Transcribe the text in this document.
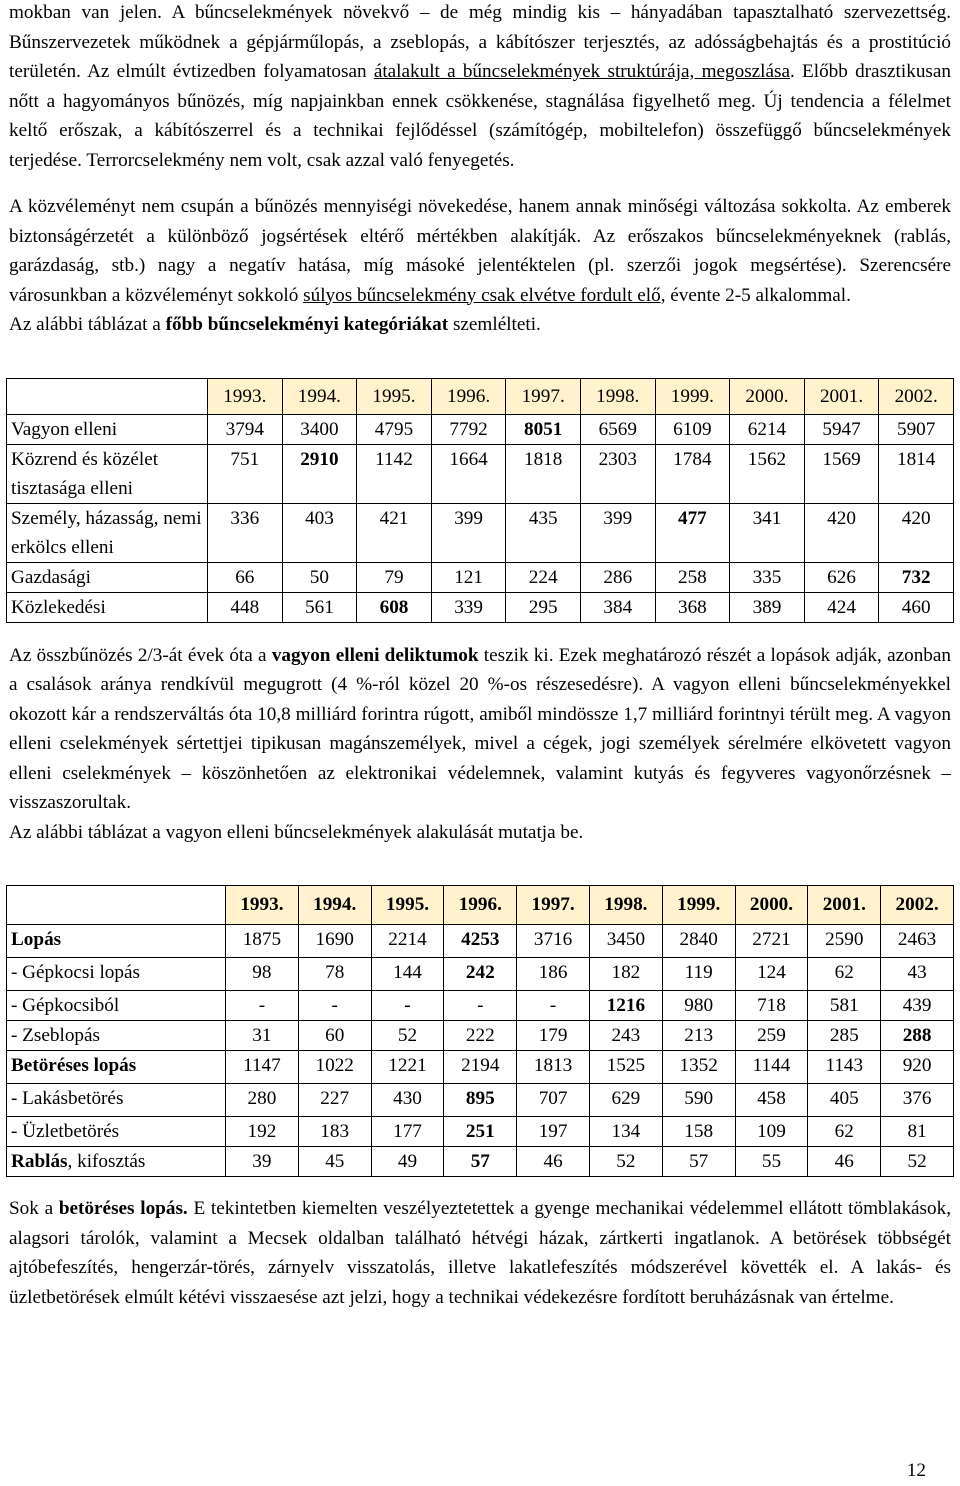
mokban van jelen. A bűncselekmények növekvő – de még mindig kis – hányadában tapasztalható szervezettség. Bűnszervezetek működnek a gépjárműlopás, a zseblopás, a kábítószer terjesztés, az adósságbehajtás és a prostitúció területén. Az elmúlt évtizedben folyamatosan átalakult a bűncselekmények struktúrája, megoszlása. Előbb drasztikusan nőtt a hagyományos bűnözés, míg napjainkban ennek csökkenése, stagnálása figyelhető meg. Új tendencia a félelmet keltő erőszak, a kábítószerrel és a technikai fejlődéssel (számítógép, mobiltelefon) összefüggő bűncselekmények terjedése. Terrorcselekmény nem volt, csak azzal való fenyegetés.

A közvéleményt nem csupán a bűnözés mennyiségi növekedése, hanem annak minőségi változása sokkolta. Az emberek biztonságérzetét a különböző jogsértések eltérő mértékben alakítják. Az erőszakos bűncselekményeknek (rablás, garázdaság, stb.) nagy a negatív hatása, míg másoké jelentéktelen (pl. szerzői jogok megsértése). Szerencsére városunkban a közvéleményt sokkoló súlyos bűncselekmény csak elvétve fordult elő, évente 2-5 alkalommal.

Az alábbi táblázat a főbb bűncselekményi kategóriákat szemlélteti.

	1993.	1994.	1995.	1996.	1997.	1998.	1999.	2000.	2001.	2002.
Vagyon elleni	3794	3400	4795	7792	8051	6569	6109	6214	5947	5907
Közrend és közélet tisztasága elleni	751	2910	1142	1664	1818	2303	1784	1562	1569	1814
Személy, házasság, nemi erkölcs elleni	336	403	421	399	435	399	477	341	420	420
Gazdasági	66	50	79	121	224	286	258	335	626	732
Közlekedési	448	561	608	339	295	384	368	389	424	460

Az összbűnözés 2/3-át évek óta a vagyon elleni deliktumok teszik ki. Ezek meghatározó részét a lopások adják, azonban a csalások aránya rendkívül megugrott (4 %-ról közel 20 %-os részesedésre). A vagyon elleni bűncselekményekkel okozott kár a rendszerváltás óta 10,8 milliárd forintra rúgott, amiből mindössze 1,7 milliárd forintnyi térült meg. A vagyon elleni cselekmények sértettjei tipikusan magánszemélyek, mivel a cégek, jogi személyek sérelmére elkövetett vagyon elleni cselekmények – köszönhetően az elektronikai védelemnek, valamint kutyás és fegyveres vagyonőrzésnek – visszaszorultak.

Az alábbi táblázat a vagyon elleni bűncselekmények alakulását mutatja be.

	1993.	1994.	1995.	1996.	1997.	1998.	1999.	2000.	2001.	2002.
Lopás	1875	1690	2214	4253	3716	3450	2840	2721	2590	2463
- Gépkocsi lopás	98	78	144	242	186	182	119	124	62	43
- Gépkocsiból	-	-	-	-	-	1216	980	718	581	439
- Zseblopás	31	60	52	222	179	243	213	259	285	288
Betöréses lopás	1147	1022	1221	2194	1813	1525	1352	1144	1143	920
- Lakásbetörés	280	227	430	895	707	629	590	458	405	376
- Üzletbetörés	192	183	177	251	197	134	158	109	62	81
Rablás, kifosztás	39	45	49	57	46	52	57	55	46	52

Sok a betöréses lopás. E tekintetben kiemelten veszélyeztetettek a gyenge mechanikai védelemmel ellátott tömblakások, alagsori tárolók, valamint a Mecsek oldalban található hétvégi házak, zártkerti ingatlanok. A betörések többségét ajtóbefeszítés, hengerzár-törés, zárnyelv visszatolás, illetve lakatlefeszítés módszerével követték el. A lakás- és üzletbetörések elmúlt kétévi visszaesése azt jelzi, hogy a technikai védekezésre fordított beruházásnak van értelme.

12
